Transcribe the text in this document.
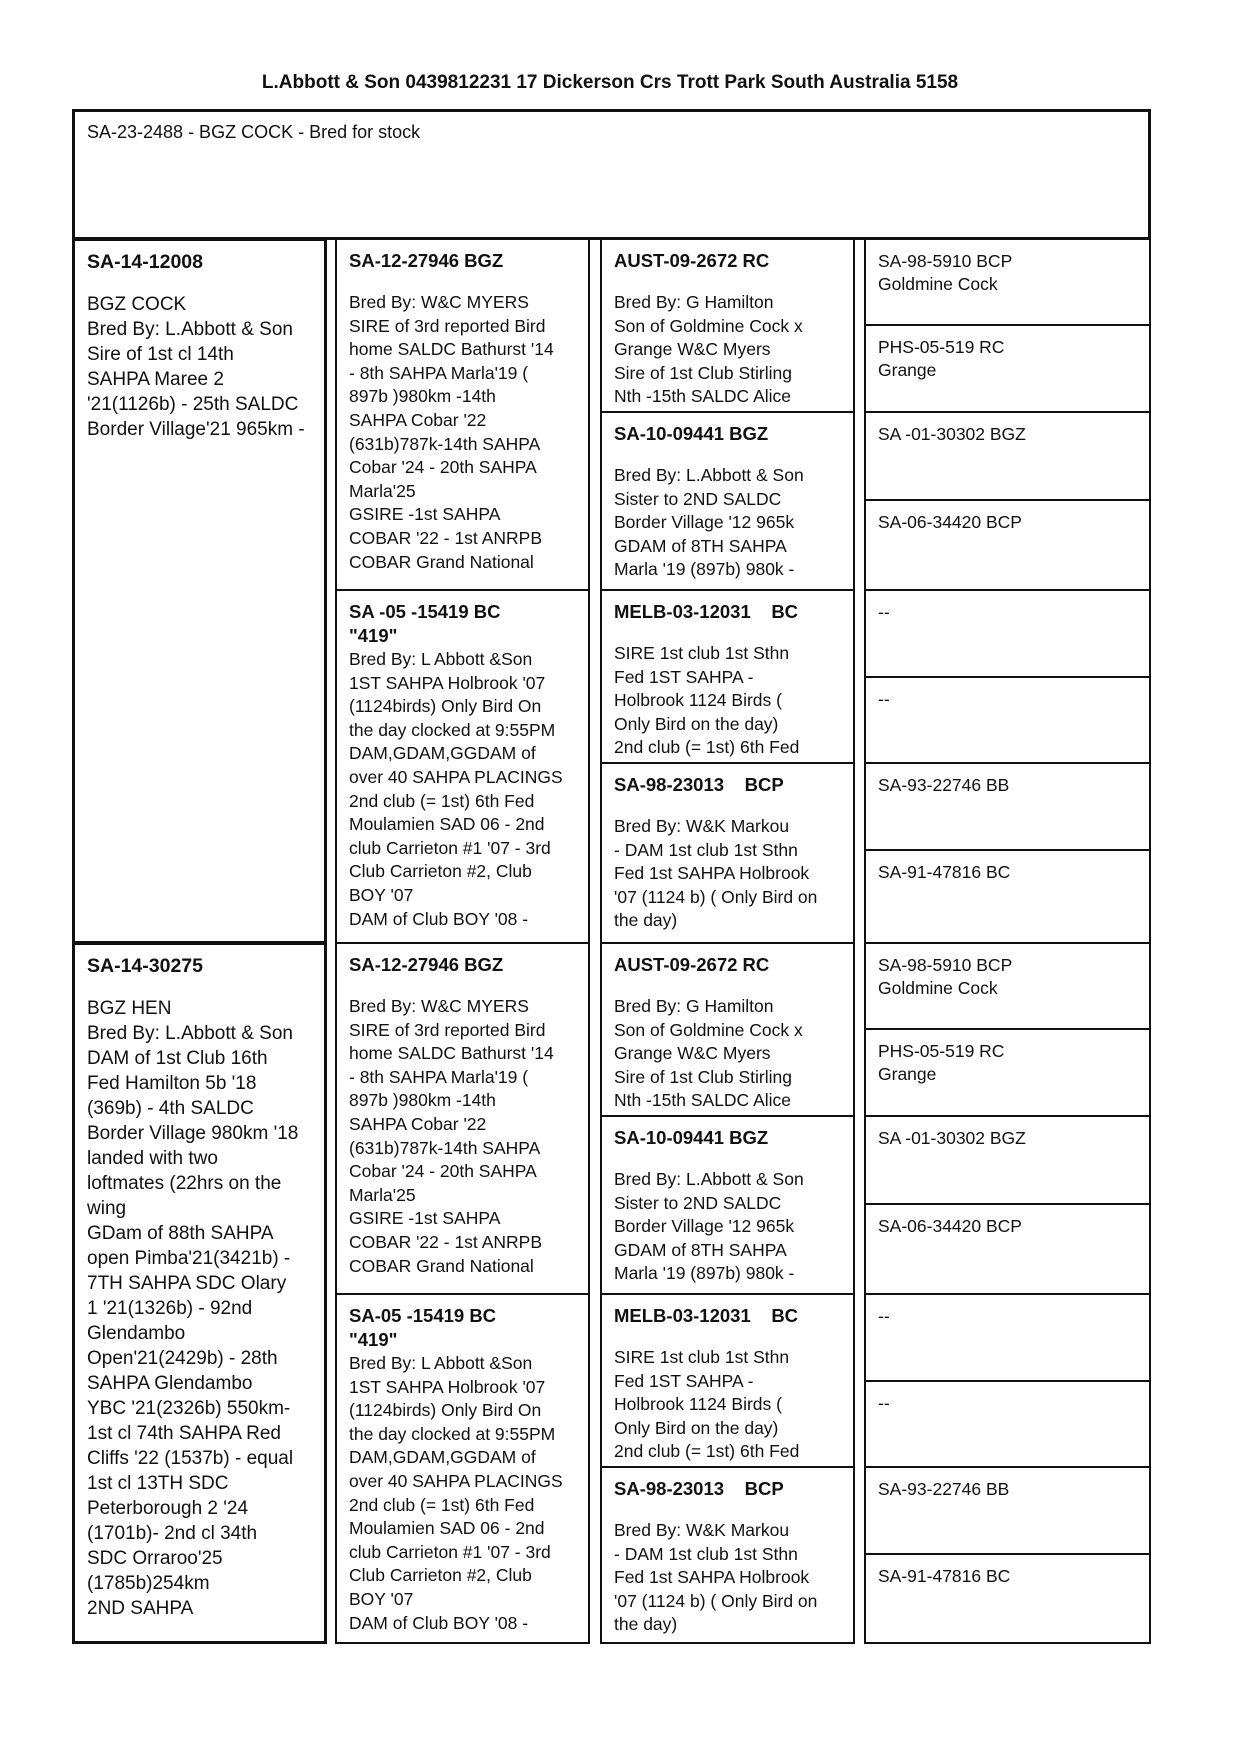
L.Abbott & Son 0439812231 17 Dickerson Crs Trott Park South Australia 5158
SA-23-2488 - BGZ COCK - Bred for stock
SA-14-12008
BGZ COCK
Bred By: L.Abbott & Son
Sire of 1st cl 14th
SAHPA Maree 2
'21(1126b) - 25th SALDC
Border Village'21 965km -
SA-14-30275
BGZ HEN
Bred By: L.Abbott & Son
DAM of 1st Club 16th
Fed Hamilton 5b '18
(369b) - 4th SALDC
Border Village 980km '18
landed with two
loftmates (22hrs on the
wing
GDam of 88th SAHPA
open Pimba'21(3421b) -
7TH SAHPA SDC Olary
1 '21(1326b) - 92nd
Glendambo
Open'21(2429b) - 28th
SAHPA Glendambo
YBC '21(2326b) 550km-
1st cl 74th SAHPA Red
Cliffs '22 (1537b) - equal
1st cl 13TH SDC
Peterborough 2 '24
(1701b)- 2nd cl 34th
SDC Orraroo'25
(1785b)254km
2ND SAHPA
SA-12-27946 BGZ
Bred By: W&C MYERS
SIRE of 3rd reported Bird
home SALDC Bathurst '14
- 8th SAHPA Marla'19 (
897b )980km -14th
SAHPA Cobar '22
(631b)787k-14th SAHPA
Cobar '24 - 20th SAHPA
Marla'25
GSIRE -1st SAHPA
COBAR '22 - 1st ANRPB
COBAR Grand National
SA -05 -15419 BC
"419"
Bred By: L Abbott &Son
1ST SAHPA Holbrook '07
(1124birds) Only Bird On
the day clocked at 9:55PM
DAM,GDAM,GGDAM of
over 40 SAHPA PLACINGS
2nd club (= 1st) 6th Fed
Moulamien SAD 06 - 2nd
club Carrieton #1 '07 - 3rd
Club Carrieton #2, Club
BOY '07
DAM of Club BOY '08 -
SA-12-27946 BGZ
Bred By: W&C MYERS
SIRE of 3rd reported Bird
home SALDC Bathurst '14
- 8th SAHPA Marla'19 (
897b )980km -14th
SAHPA Cobar '22
(631b)787k-14th SAHPA
Cobar '24 - 20th SAHPA
Marla'25
GSIRE -1st SAHPA
COBAR '22 - 1st ANRPB
COBAR Grand National
SA-05 -15419 BC
"419"
Bred By: L Abbott &Son
1ST SAHPA Holbrook '07
(1124birds) Only Bird On
the day clocked at 9:55PM
DAM,GDAM,GGDAM of
over 40 SAHPA PLACINGS
2nd club (= 1st) 6th Fed
Moulamien SAD 06 - 2nd
club Carrieton #1 '07 - 3rd
Club Carrieton #2, Club
BOY '07
DAM of Club BOY '08 -
AUST-09-2672 RC
Bred By: G Hamilton
Son of Goldmine Cock x
Grange W&C Myers
Sire of 1st Club Stirling
Nth -15th SALDC Alice
SA-10-09441 BGZ
Bred By: L.Abbott & Son
Sister to 2ND SALDC
Border Village '12 965k
GDAM of 8TH SAHPA
Marla '19 (897b) 980k -
MELB-03-12031    BC
SIRE 1st club 1st Sthn
Fed 1ST SAHPA -
Holbrook 1124 Birds (
Only Bird on the day)
2nd club (= 1st) 6th Fed
SA-98-23013    BCP
Bred By: W&K Markou
- DAM 1st club 1st Sthn
Fed 1st SAHPA Holbrook
'07 (1124 b) ( Only Bird on
the day)
AUST-09-2672 RC
Bred By: G Hamilton
Son of Goldmine Cock x
Grange W&C Myers
Sire of 1st Club Stirling
Nth -15th SALDC Alice
SA-10-09441 BGZ
Bred By: L.Abbott & Son
Sister to 2ND SALDC
Border Village '12 965k
GDAM of 8TH SAHPA
Marla '19 (897b) 980k -
MELB-03-12031    BC
SIRE 1st club 1st Sthn
Fed 1ST SAHPA -
Holbrook 1124 Birds (
Only Bird on the day)
2nd club (= 1st) 6th Fed
SA-98-23013    BCP
Bred By: W&K Markou
- DAM 1st club 1st Sthn
Fed 1st SAHPA Holbrook
'07 (1124 b) ( Only Bird on
the day)
SA-98-5910 BCP
Goldmine Cock
PHS-05-519 RC
Grange
SA -01-30302 BGZ
SA-06-34420 BCP
--
--
SA-93-22746 BB
SA-91-47816 BC
SA-98-5910 BCP
Goldmine Cock
PHS-05-519 RC
Grange
SA -01-30302 BGZ
SA-06-34420 BCP
--
--
SA-93-22746 BB
SA-91-47816 BC
